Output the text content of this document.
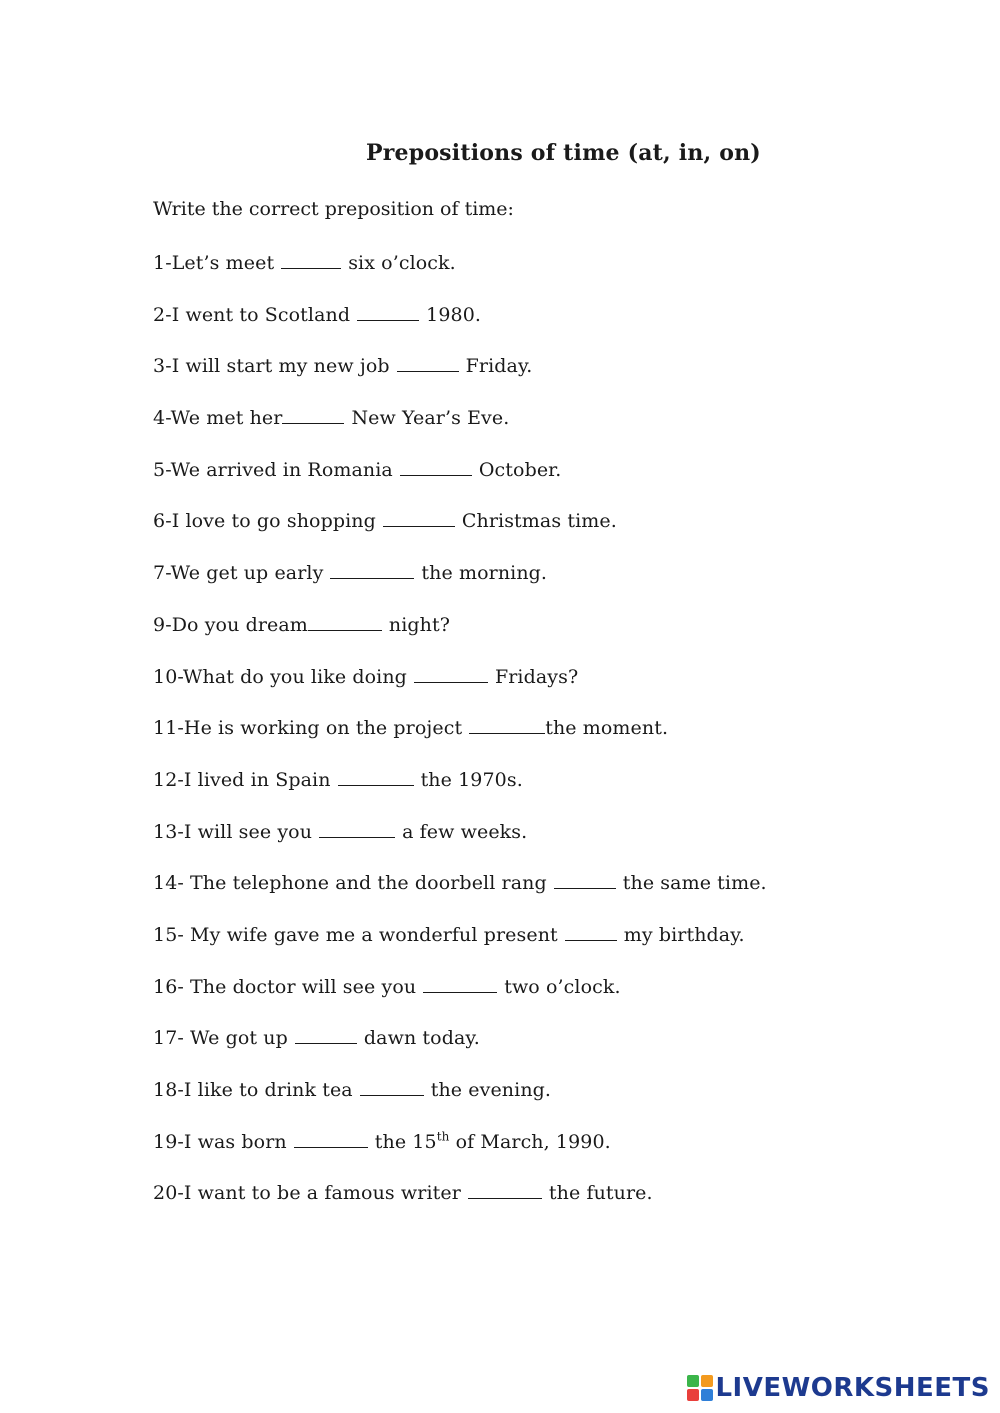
Prepositions of time (at, in, on)
Write the correct preposition of time:
1-Let’s meet	six o’clock.
2-I went to Scotland	1980.
3-I will start my new job	Friday.
4-We met her	New Year’s Eve.
5-We arrived in Romania	October.
6-I love to go shopping	Christmas time.
7-We get up early	the morning.
9-Do you dream	night?
10-What do you like doing	Fridays?
11-He is working on the project	the moment.
12-I lived in Spain	the 1970s.
13-I will see you	a few weeks.
14- The telephone and the doorbell rang	the same time.
15- My wife gave me a wonderful present	my birthday.
16- The doctor will see you	two o’clock.
17- We got up	dawn today.
18-I like to drink tea	the evening.
19-I was born	the 15th of March, 1990.
20-I want to be a famous writer	the future.
LIVEWORKSHEETS
